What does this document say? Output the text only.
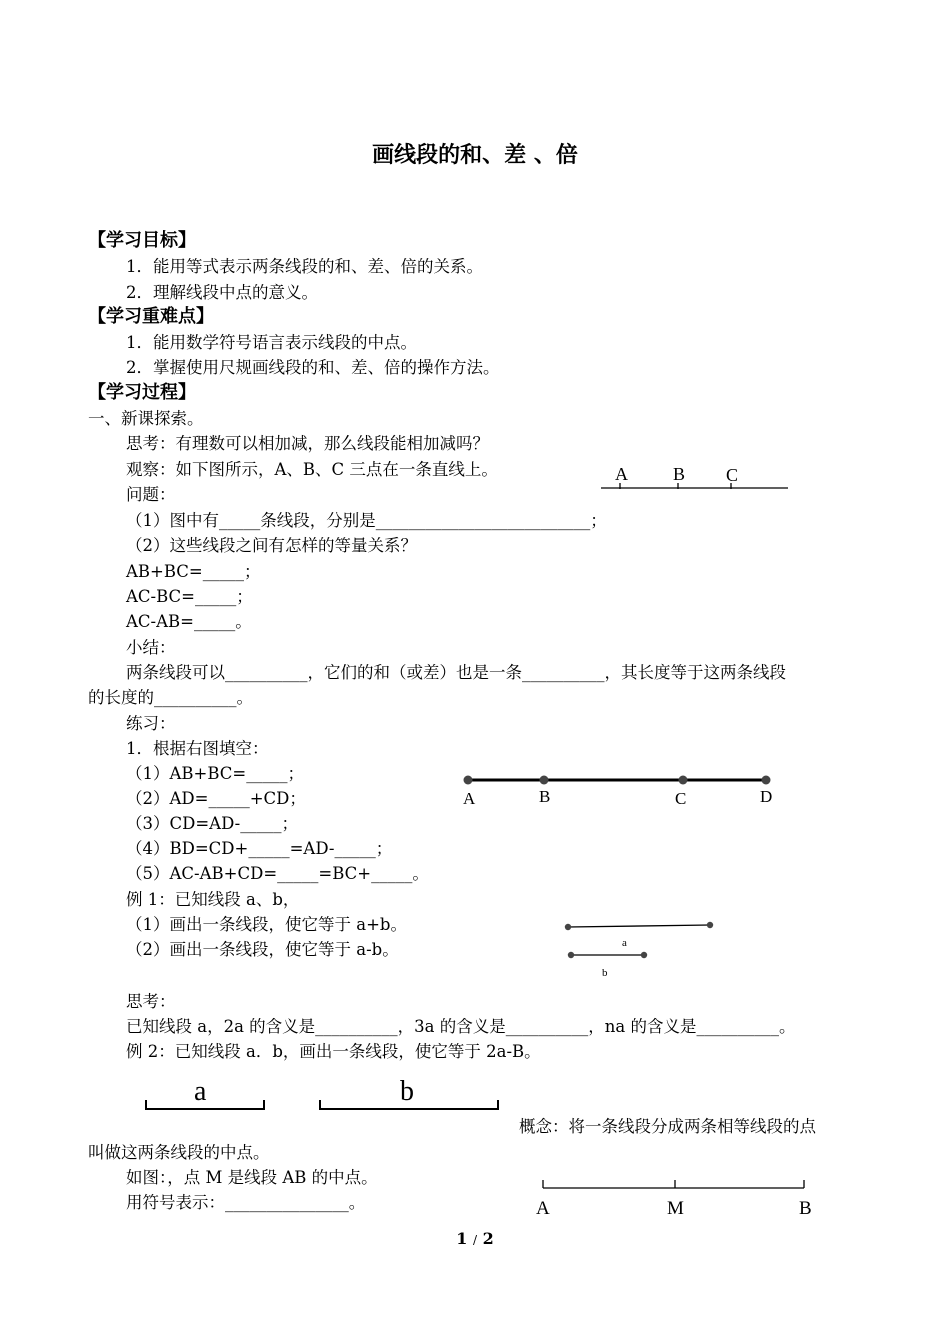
画线段的和、差 、倍
【学习目标】
1．能用等式表示两条线段的和、差、倍的关系。
2．理解线段中点的意义。
【学习重难点】
1．能用数学符号语言表示线段的中点。
2．掌握使用尺规画线段的和、差、倍的操作方法。
【学习过程】
一、新课探索。
思考：有理数可以相加减，那么线段能相加减吗？
观察：如下图所示，A、B、C 三点在一条直线上。	A	B C
问题：
（1）图中有_____条线段，分别是__________________________；
（2）这些线段之间有怎样的等量关系？
AB+BC=_____；
AC-BC=_____；
AC-AB=_____。
小结：
两条线段可以__________，它们的和（或差）也是一条__________，其长度等于这两条线段
的长度的__________。
练习：
1．根据右图填空：
A	B	C	D
（1）AB+BC=_____；
（2）AD=_____+CD；
（3）CD=AD-_____；
（4）BD=CD+_____=AD-_____；
（5）AC-AB+CD=_____=BC+_____。
例 1：已知线段 a、b，
（1）画出一条线段，使它等于 a+b。
（2）画出一条线段，使它等于 a-b。	a
b
思考：
已知线段 a，2a 的含义是__________，3a 的含义是__________，na 的含义是__________。
例 2：已知线段 a．b，画出一条线段，使它等于 2a-B。
a	b
概念：将一条线段分成两条相等线段的点
叫做这两条线段的中点。
如图：，点 M 是线段 AB 的中点。
用符号表示：_______________。	A	M	B
1 / 2
